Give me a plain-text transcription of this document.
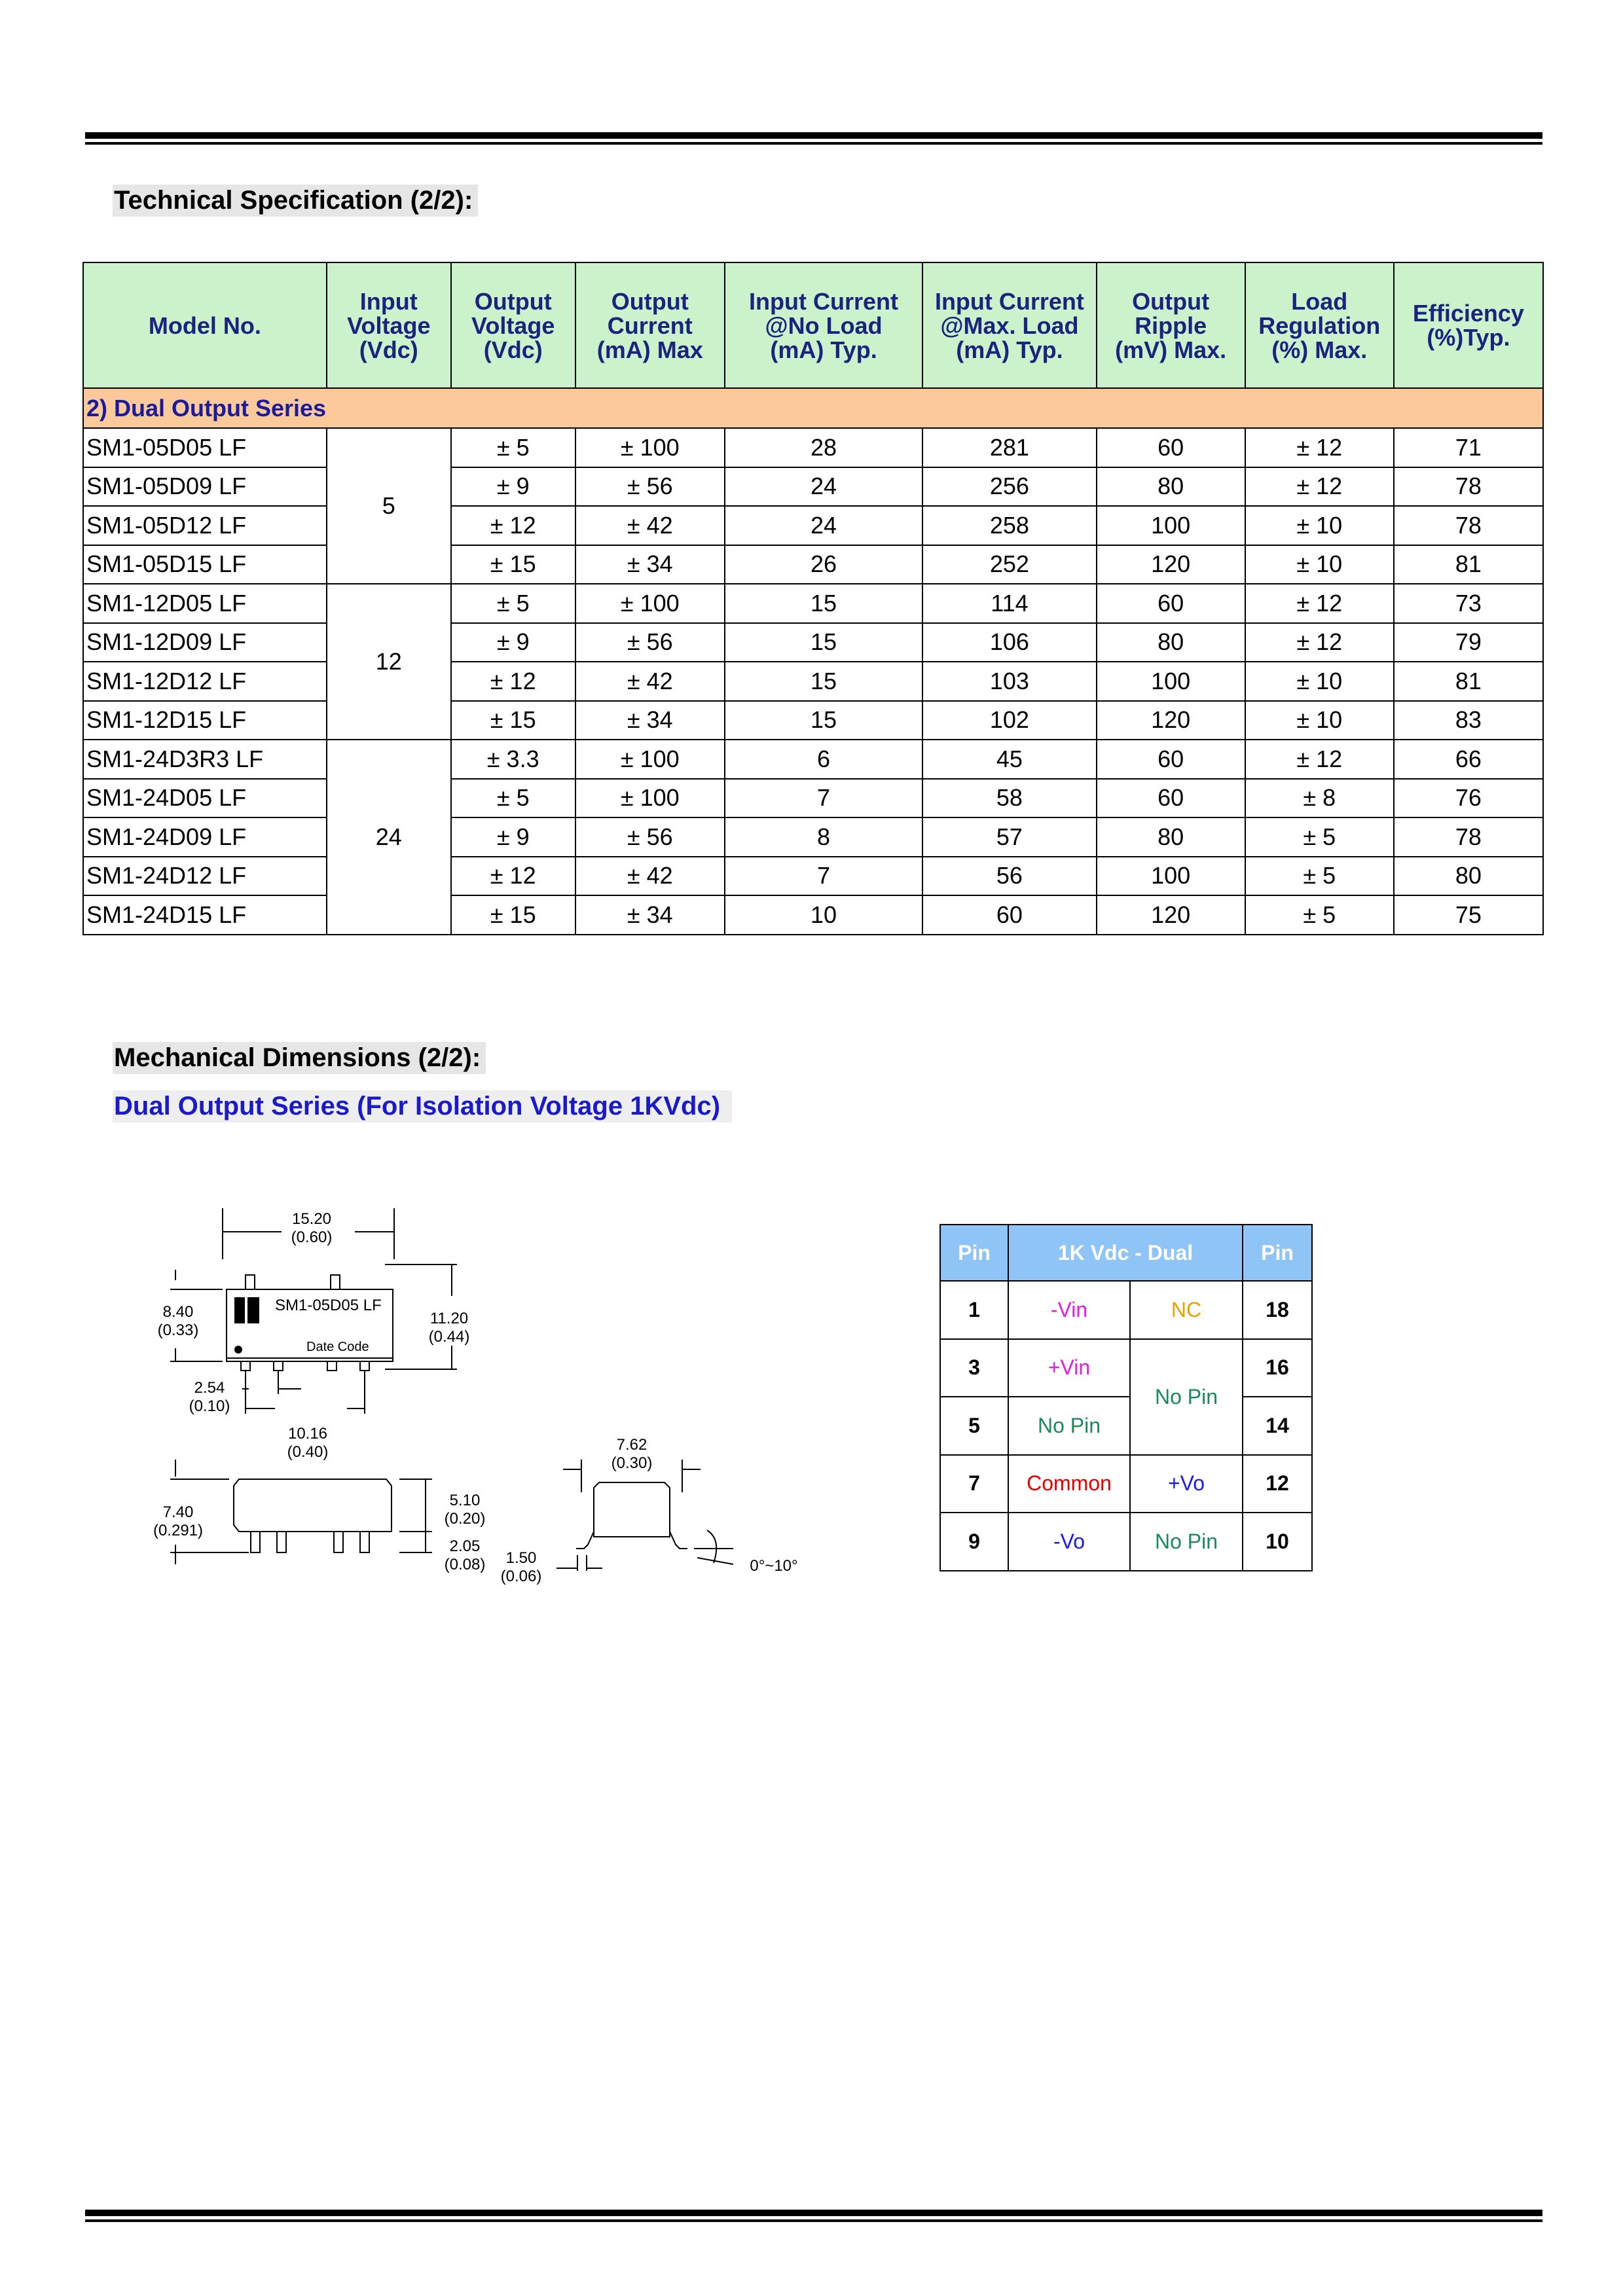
Technical Specification (2/2):
Model No.	Input
Voltage
(Vdc)	Output
Voltage
(Vdc)	Output
Current
(mA) Max	Input Current
@No Load
(mA) Typ.	Input Current
@Max. Load
(mA) Typ.	Output
Ripple
(mV) Max.	Load
Regulation
(%) Max.	Efficiency
(%)Typ.
2) Dual Output Series								
SM1-05D05 LF	5	± 5	± 100	28	281	60	± 12	71
SM1-05D09 LF		± 9	± 56	24	256	80	± 12	78
SM1-05D12 LF		± 12	± 42	24	258	100	± 10	78
SM1-05D15 LF		± 15	± 34	26	252	120	± 10	81
SM1-12D05 LF	12	± 5	± 100	15	114	60	± 12	73
SM1-12D09 LF		± 9	± 56	15	106	80	± 12	79
SM1-12D12 LF		± 12	± 42	15	103	100	± 10	81
SM1-12D15 LF		± 15	± 34	15	102	120	± 10	83
SM1-24D3R3 LF	24	± 3.3	± 100	6	45	60	± 12	66
SM1-24D05 LF		± 5	± 100	7	58	60	± 8	76
SM1-24D09 LF		± 9	± 56	8	57	80	± 5	78
SM1-24D12 LF		± 12	± 42	7	56	100	± 5	80
SM1-24D15 LF		± 15	± 34	10	60	120	± 5	75
Mechanical Dimensions (2/2):
Dual Output Series (For Isolation Voltage 1KVdc)
15.20
(0.60)
8.40
(0.33)
11.20
(0.44)
2.54
(0.10)
10.16
(0.40)
7.40
(0.291)
5.10
(0.20)
2.05
(0.08) 1.50
(0.06)
7.62
(0.30)
0°~10°
SM1-05D05 LF
Date Code
Pin	1K Vdc - Dual		Pin
1	-Vin	NC	18
3	+Vin	No Pin	16
5	No Pin		14
7	Common	+Vo	12
9	-Vo	No Pin	10
